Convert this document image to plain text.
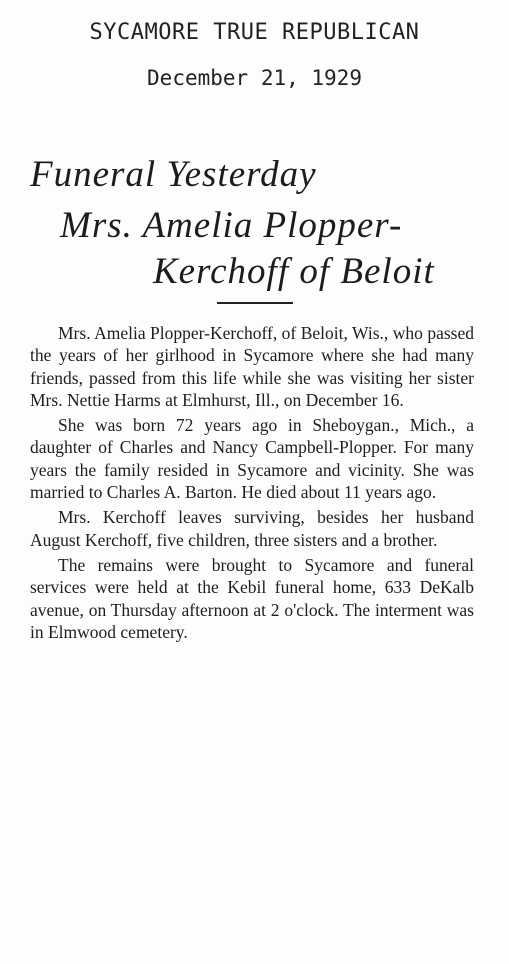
SYCAMORE TRUE REPUBLICAN
December 21, 1929
Funeral Yesterday
Mrs. Amelia Plopper-
Kerchoff of Beloit

Mrs. Amelia Plopper-Kerchoff, of Beloit, Wis., who passed the years of her girlhood in Sycamore where she had many friends, passed from this life while she was visiting her sister Mrs. Nettie Harms at Elmhurst, Ill., on December 16.

She was born 72 years ago in Sheboygan., Mich., a daughter of Charles and Nancy Campbell-Plopper. For many years the family resided in Sycamore and vicinity. She was married to Charles A. Barton. He died about 11 years ago.

Mrs. Kerchoff leaves surviving, besides her husband August Kerchoff, five children, three sisters and a brother.

The remains were brought to Sycamore and funeral services were held at the Kebil funeral home, 633 DeKalb avenue, on Thursday afternoon at 2 o'clock. The interment was in Elmwood cemetery.
